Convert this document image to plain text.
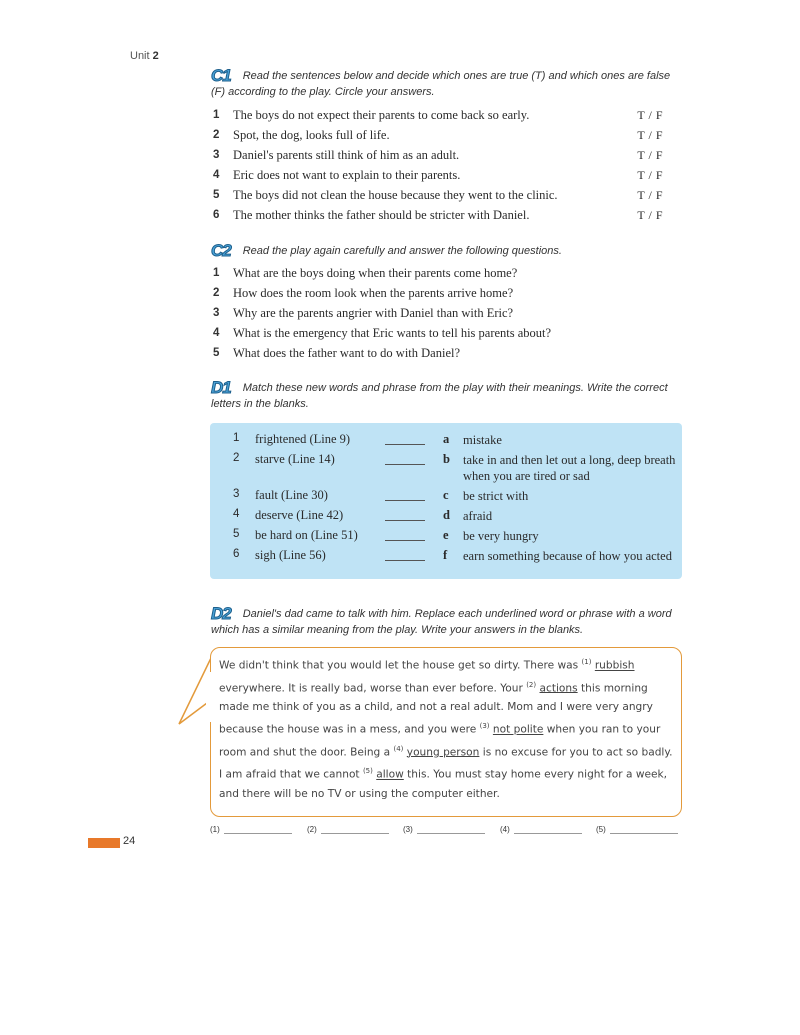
Unit 2
C1 Read the sentences below and decide which ones are true (T) and which ones are false (F) according to the play. Circle your answers.
1	The boys do not expect their parents to come back so early.	T / F
2	Spot, the dog, looks full of life.	T / F
3	Daniel's parents still think of him as an adult.	T / F
4	Eric does not want to explain to their parents.	T / F
5	The boys did not clean the house because they went to the clinic.	T / F
6	The mother thinks the father should be stricter with Daniel.	T / F
C2 Read the play again carefully and answer the following questions.
1	What are the boys doing when their parents come home?
2	How does the room look when the parents arrive home?
3	Why are the parents angrier with Daniel than with Eric?
4	What is the emergency that Eric wants to tell his parents about?
5	What does the father want to do with Daniel?
D1 Match these new words and phrase from the play with their meanings. Write the correct letters in the blanks.
1 frightened (Line 9)	a mistake
2 starve (Line 14)	b take in and then let out a long, deep breath when you are tired or sad
3 fault (Line 30)	c be strict with
4 deserve (Line 42)	d afraid
5 be hard on (Line 51)	e be very hungry
6 sigh (Line 56)	f earn something because of how you acted
D2 Daniel's dad came to talk with him. Replace each underlined word or phrase with a word which has a similar meaning from the play. Write your answers in the blanks.
We didn't think that you would let the house get so dirty. There was $^{(1)}$ rubbish everywhere. It is really bad, worse than ever before. Your $^{(2)}$ actions this morning made me think of you as a child, and not a real adult. Mom and I were very angry because the house was in a mess, and you were $^{(3)}$ not polite when you ran to your room and shut the door. Being a $^{(4)}$ young person is no excuse for you to act so badly. I am afraid that we cannot $^{(5)}$ allow this. You must stay home every night for a week, and there will be no TV or using the computer either.
(1)	(2)	(3)	(4)	(5)
24
